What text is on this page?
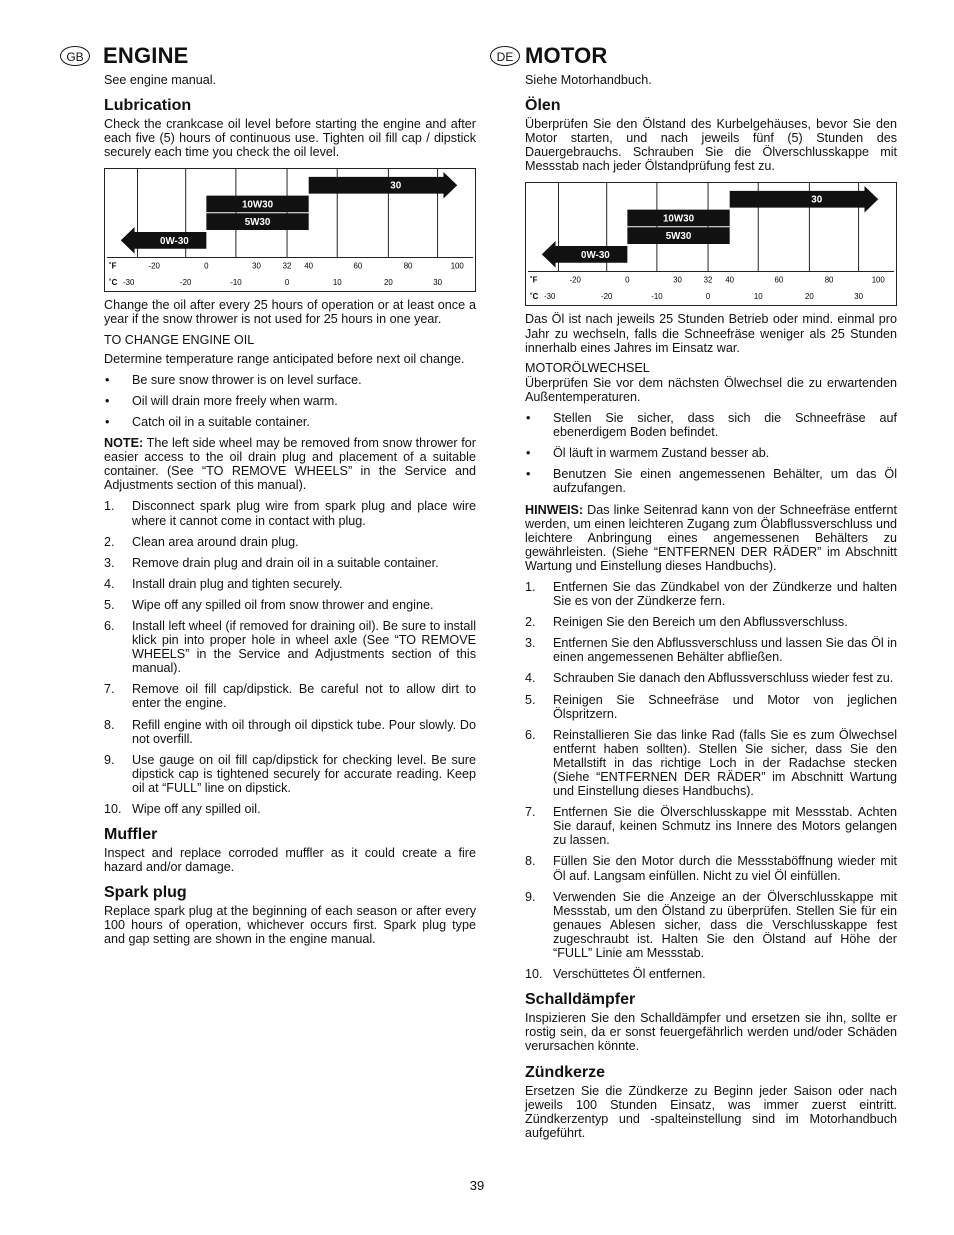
GB ENGINE

See engine manual.

Lubrication

Check the crankcase oil level before starting the engine and after each five (5) hours of continuous use. Tighten oil fill cap / dipstick securely each time you check the oil level.

30
10W30
5W30
0W-30
˚F
˚C
-20	0	30	32 40	60	80	100
-30	-20	-10	0	10	20	30

Change the oil after every 25 hours of operation or at least once a year if the snow thrower is not used for 25 hours in one year.

TO CHANGE ENGINE OIL

Determine temperature range anticipated before next oil change.

• Be sure snow thrower is on level surface.
• Oil will drain more freely when warm.
• Catch oil in a suitable container.

NOTE: The left side wheel may be removed from snow thrower for easier access to the oil drain plug and placement of a suitable container. (See “TO REMOVE WHEELS” in the Service and Adjustments section of this manual).

1. Disconnect spark plug wire from spark plug and place wire where it cannot come in contact with plug.
2. Clean area around drain plug.
3. Remove drain plug and drain oil in a suitable container.
4. Install drain plug and tighten securely.
5. Wipe off any spilled oil from snow thrower and engine.
6. Install left wheel (if removed for draining oil). Be sure to install klick pin into proper hole in wheel axle (See “TO REMOVE WHEELS” in the Service and Adjustments section of this manual).
7. Remove oil fill cap/dipstick. Be careful not to allow dirt to enter the engine.
8. Refill engine with oil through oil dipstick tube. Pour slowly. Do not overfill.
9. Use gauge on oil fill cap/dipstick for checking level. Be sure dipstick cap is tightened securely for accurate reading. Keep oil at “FULL” line on dipstick.
10. Wipe off any spilled oil.
Muffler

Inspect and replace corroded muffler as it could create a fire hazard and/or damage.

Spark plug

Replace spark plug at the beginning of each season or after every 100 hours of operation, whichever occurs first. Spark plug type and gap setting are shown in the engine manual.

DE MOTOR

Siehe Motorhandbuch.

Ölen

Überprüfen Sie den Ölstand des Kurbelgehäuses, bevor Sie den Motor starten, und nach jeweils fünf (5) Stunden des Dauergebrauchs. Schrauben Sie die Ölverschlusskappe mit Messstab nach jeder Ölstandprüfung fest zu.

30
10W30
5W30
0W-30
˚F
˚C
-20	0	30	32 40	60	80	100
-30	-20	-10	0	10	20	30

Das Öl ist nach jeweils 25 Stunden Betrieb oder mind. einmal pro Jahr zu wechseln, falls die Schneefräse weniger als 25 Stunden innerhalb eines Jahres im Einsatz war.

MOTORÖLWECHSEL

Überprüfen Sie vor dem nächsten Ölwechsel die zu erwartenden Außentemperaturen.

• Stellen Sie sicher, dass sich die Schneefräse auf ebenerdigem Boden befindet.
• Öl läuft in warmem Zustand besser ab.
• Benutzen Sie einen angemessenen Behälter, um das Öl aufzufangen.

HINWEIS: Das linke Seitenrad kann von der Schneefräse entfernt werden, um einen leichteren Zugang zum Ölabflussverschluss und leichtere Anbringung eines angemessenen Behälters zu gewährleisten. (Siehe “ENTFERNEN DER RÄDER” im Abschnitt Wartung und Einstellung dieses Handbuchs).

1. Entfernen Sie das Zündkabel von der Zündkerze und halten Sie es von der Zündkerze fern.
2. Reinigen Sie den Bereich um den Abflussverschluss.
3. Entfernen Sie den Abflussverschluss und lassen Sie das Öl in einen angemessenen Behälter abfließen.
4. Schrauben Sie danach den Abflussverschluss wieder fest zu.
5. Reinigen Sie Schneefräse und Motor von jeglichen Ölspritzern.
6. Reinstallieren Sie das linke Rad (falls Sie es zum Ölwechsel entfernt haben sollten). Stellen Sie sicher, dass Sie den Metallstift in das richtige Loch in der Radachse stecken (Siehe “ENTFERNEN DER RÄDER” im Abschnitt Wartung und Einstellung dieses Handbuchs).
7. Entfernen Sie die Ölverschlusskappe mit Messstab. Achten Sie darauf, keinen Schmutz ins Innere des Motors gelangen zu lassen.
8. Füllen Sie den Motor durch die Messstaböffnung wieder mit Öl auf. Langsam einfüllen. Nicht zu viel Öl einfüllen.
9. Verwenden Sie die Anzeige an der Ölverschlusskappe mit Messstab, um den Ölstand zu überprüfen. Stellen Sie für ein genaues Ablesen sicher, dass die Verschlusskappe fest zugeschraubt ist. Halten Sie den Ölstand auf Höhe der “FULL” Linie am Messstab.
10. Verschüttetes Öl entfernen.
Schalldämpfer

Inspizieren Sie den Schalldämpfer und ersetzen sie ihn, sollte er rostig sein, da er sonst feuergefährlich werden und/oder Schäden verursachen könnte.

Zündkerze

Ersetzen Sie die Zündkerze zu Beginn jeder Saison oder nach jeweils 100 Stunden Einsatz, was immer zuerst eintritt. Zündkerzentyp und -spalteinstellung sind im Motorhandbuch aufgeführt.

39
